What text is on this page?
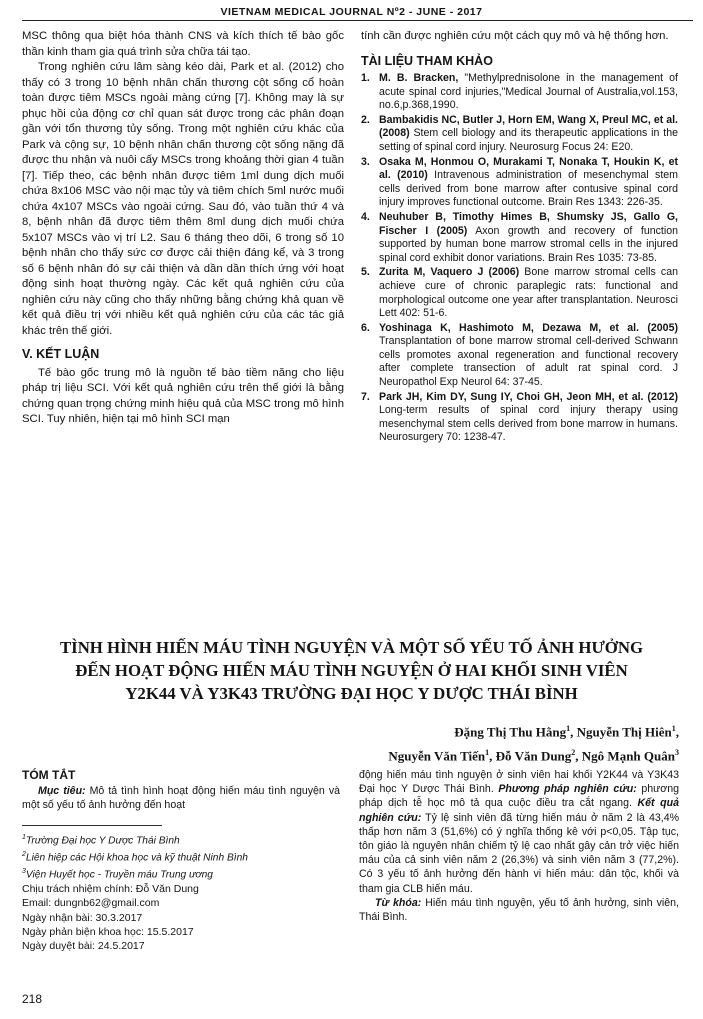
VIETNAM MEDICAL JOURNAL Nº2 - JUNE - 2017

MSC thông qua biệt hóa thành CNS và kích thích tế bào gốc thần kinh tham gia quá trình sửa chữa tái tạo.

Trong nghiên cứu lâm sàng kéo dài, Park et al. (2012) cho thấy có 3 trong 10 bệnh nhân chấn thương cột sống cổ hoàn toàn được tiêm MSCs ngoài màng cứng [7]. Không may là sự phục hồi của động cơ chỉ quan sát được trong các phân đoạn gần với tổn thương tủy sống. Trong một nghiên cứu khác của Park và cộng sự, 10 bệnh nhân chấn thương cột sống nặng đã được thu nhận và nuôi cấy MSCs trong khoảng thời gian 4 tuần [7]. Tiếp theo, các bệnh nhân được tiêm 1ml dung dịch muối chứa 8x106 MSC vào nội mạc tủy và tiêm chích 5ml nước muối chứa 4x107 MSCs vào ngoài cứng. Sau đó, vào tuần thứ 4 và 8, bệnh nhân đã được tiêm thêm 8ml dung dịch muối chứa 5x107 MSCs vào vị trí L2. Sau 6 tháng theo dõi, 6 trong số 10 bệnh nhân cho thấy sức cơ được cải thiện đáng kể, và 3 trong số 6 bệnh nhân đó sự cải thiện và dần dần thích ứng với hoạt động sinh hoạt thường ngày. Các kết quả nghiên cứu của nghiên cứu này cũng cho thấy những bằng chứng khả quan về kết quả điều trị với nhiều kết quả nghiên cứu của các tác giả khác trên thế giới.

V. KẾT LUẬN

Tế bào gốc trung mô là nguồn tế bào tiềm năng cho liệu pháp trị liệu SCI. Với kết quả nghiên cứu trên thế giới là bằng chứng quan trọng chứng minh hiệu quả của MSC trong mô hình SCI. Tuy nhiên, hiện tại mô hình SCI mạn

tính cần được nghiên cứu một cách quy mô và hệ thống hơn.

TÀI LIỆU THAM KHẢO
1. M. B. Bracken, "Methylprednisolone in the management of acute spinal cord injuries,"Medical Journal of Australia,vol.153, no.6,p.368,1990.
2. Bambakidis NC, Butler J, Horn EM, Wang X, Preul MC, et al. (2008) Stem cell biology and its therapeutic applications in the setting of spinal cord injury. Neurosurg Focus 24: E20.
3. Osaka M, Honmou O, Murakami T, Nonaka T, Houkin K, et al. (2010) Intravenous administration of mesenchymal stem cells derived from bone marrow after contusive spinal cord injury improves functional outcome. Brain Res 1343: 226-35.
4. Neuhuber B, Timothy Himes B, Shumsky JS, Gallo G, Fischer I (2005) Axon growth and recovery of function supported by human bone marrow stromal cells in the injured spinal cord exhibit donor variations. Brain Res 1035: 73-85.
5. Zurita M, Vaquero J (2006) Bone marrow stromal cells can achieve cure of chronic paraplegic rats: functional and morphological outcome one year after transplantation. Neurosci Lett 402: 51-6.
6. Yoshinaga K, Hashimoto M, Dezawa M, et al. (2005) Transplantation of bone marrow stromal cell-derived Schwann cells promotes axonal regeneration and functional recovery after complete transection of adult rat spinal cord. J Neuropathol Exp Neurol 64: 37-45.
7. Park JH, Kim DY, Sung IY, Choi GH, Jeon MH, et al. (2012) Long-term results of spinal cord injury therapy using mesenchymal stem cells derived from bone marrow in humans. Neurosurgery 70: 1238-47.
TÌNH HÌNH HIẾN MÁU TÌNH NGUYỆN VÀ MỘT SỐ YẾU TỐ ẢNH HƯỞNG
ĐẾN HOẠT ĐỘNG HIẾN MÁU TÌNH NGUYỆN Ở HAI KHỐI SINH VIÊN
Y2K44 VÀ Y3K43 TRƯỜNG ĐẠI HỌC Y DƯỢC THÁI BÌNH
Đặng Thị Thu Hằng$^1$, Nguyễn Thị Hiên$^1$,
Nguyễn Văn Tiến$^1$, Đỗ Văn Dung$^2$, Ngô Mạnh Quân$^3$
TÓM TẮT

Mục tiêu: Mô tả tình hình hoạt động hiến máu tình nguyện và một số yếu tố ảnh hưởng đến hoạt

$^1$Trường Đại học Y Dược Thái Bình
$^2$Liên hiệp các Hội khoa học và kỹ thuật Ninh Bình
$^3$Viện Huyết học - Truyền máu Trung ương
Chịu trách nhiệm chính: Đỗ Văn Dung
Email: dungnb62@gmail.com
Ngày nhận bài: 30.3.2017
Ngày phản biện khoa học: 15.5.2017
Ngày duyệt bài: 24.5.2017

động hiến máu tình nguyện ở sinh viên hai khối Y2K44 và Y3K43 Đại học Y Dược Thái Bình. Phương pháp nghiên cứu: phương pháp dịch tễ học mô tả qua cuộc điều tra cắt ngang. Kết quả nghiên cứu: Tỷ lệ sinh viên đã từng hiến máu ở năm 2 là 43,4% thấp hơn năm 3 (51,6%) có ý nghĩa thống kê với p<0,05. Tập tục, tôn giáo là nguyên nhân chiếm tỷ lệ cao nhất gây cản trở việc hiến máu của cả sinh viên năm 2 (26,3%) và sinh viên năm 3 (77,2%). Có 3 yếu tố ảnh hưởng đến hành vi hiến máu: dân tộc, khối và tham gia CLB hiến máu.

Từ khóa: Hiến máu tình nguyện, yếu tố ảnh hưởng, sinh viên, Thái Bình.

218
